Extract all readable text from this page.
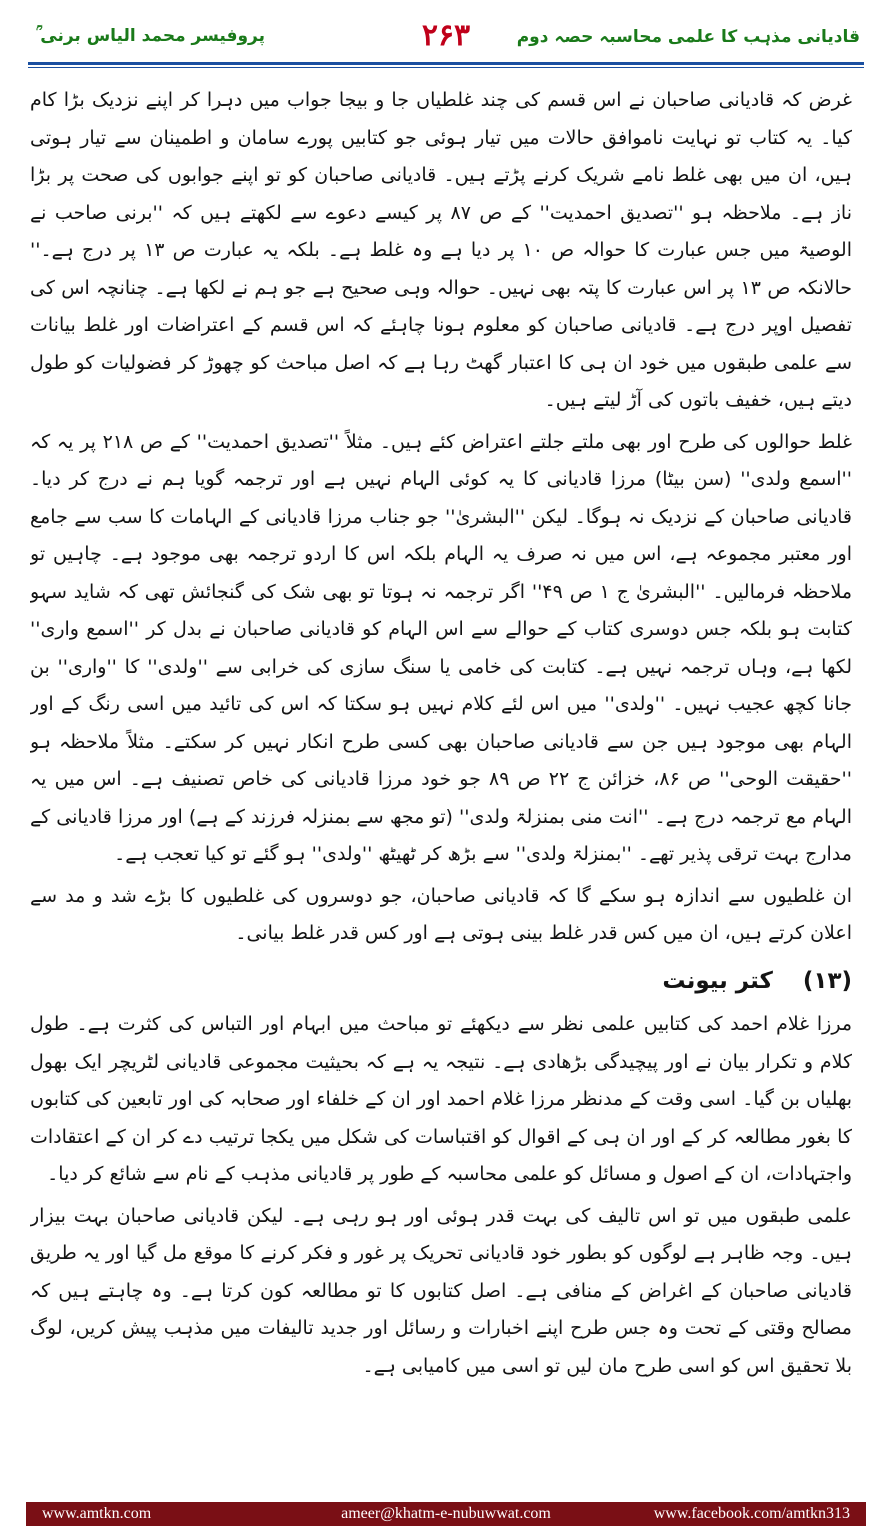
پروفیسر محمد الیاس برنی ؒ	۲۶۳	قادیانی مذہب کا علمی محاسبہ حصہ دوم

غرض کہ قادیانی صاحبان نے اس قسم کی چند غلطیاں جا و بیجا جواب میں دہرا کر اپنے نزدیک بڑا کام کیا۔ یہ کتاب تو نہایت ناموافق حالات میں تیار ہوئی جو کتابیں پورے سامان و اطمینان سے تیار ہوتی ہیں، ان میں بھی غلط نامے شریک کرنے پڑتے ہیں۔ قادیانی صاحبان کو تو اپنے جوابوں کی صحت پر بڑا ناز ہے۔ ملاحظہ ہو ''تصدیق احمدیت'' کے ص ۸۷ پر کیسے دعوے سے لکھتے ہیں کہ ''برنی صاحب نے الوصیۃ میں جس عبارت کا حوالہ ص ۱۰ پر دیا ہے وہ غلط ہے۔ بلکہ یہ عبارت ص ۱۳ پر درج ہے۔'' حالانکہ ص ۱۳ پر اس عبارت کا پتہ بھی نہیں۔ حوالہ وہی صحیح ہے جو ہم نے لکھا ہے۔ چنانچہ اس کی تفصیل اوپر درج ہے۔ قادیانی صاحبان کو معلوم ہونا چاہئے کہ اس قسم کے اعتراضات اور غلط بیانات سے علمی طبقوں میں خود ان ہی کا اعتبار گھٹ رہا ہے کہ اصل مباحث کو چھوڑ کر فضولیات کو طول دیتے ہیں، خفیف باتوں کی آڑ لیتے ہیں۔

غلط حوالوں کی طرح اور بھی ملتے جلتے اعتراض کئے ہیں۔ مثلاً ''تصدیق احمدیت'' کے ص ۲۱۸ پر یہ کہ ''اسمع ولدی'' (سن بیٹا) مرزا قادیانی کا یہ کوئی الہام نہیں ہے اور ترجمہ گویا ہم نے درج کر دیا۔ قادیانی صاحبان کے نزدیک نہ ہوگا۔ لیکن ''البشریٰ'' جو جناب مرزا قادیانی کے الہامات کا سب سے جامع اور معتبر مجموعہ ہے، اس میں نہ صرف یہ الہام بلکہ اس کا اردو ترجمہ بھی موجود ہے۔ چاہیں تو ملاحظہ فرمالیں۔ ''البشریٰ ج ۱ ص ۴۹'' اگر ترجمہ نہ ہوتا تو بھی شک کی گنجائش تھی کہ شاید سہو کتابت ہو بلکہ جس دوسری کتاب کے حوالے سے اس الہام کو قادیانی صاحبان نے بدل کر ''اسمع واری'' لکھا ہے، وہاں ترجمہ نہیں ہے۔ کتابت کی خامی یا سنگ سازی کی خرابی سے ''ولدی'' کا ''واری'' بن جانا کچھ عجیب نہیں۔ ''ولدی'' میں اس لئے کلام نہیں ہو سکتا کہ اس کی تائید میں اسی رنگ کے اور الہام بھی موجود ہیں جن سے قادیانی صاحبان بھی کسی طرح انکار نہیں کر سکتے۔ مثلاً ملاحظہ ہو ''حقیقت الوحی'' ص ۸۶، خزائن ج ۲۲ ص ۸۹ جو خود مرزا قادیانی کی خاص تصنیف ہے۔ اس میں یہ الہام مع ترجمہ درج ہے۔ ''انت منی بمنزلۃ ولدی'' (تو مجھ سے بمنزلہ فرزند کے ہے) اور مرزا قادیانی کے مدارج بہت ترقی پذیر تھے۔ ''بمنزلۃ ولدی'' سے بڑھ کر ٹھیٹھ ''ولدی'' ہو گئے تو کیا تعجب ہے۔

ان غلطیوں سے اندازہ ہو سکے گا کہ قادیانی صاحبان، جو دوسروں کی غلطیوں کا بڑے شد و مد سے اعلان کرتے ہیں، ان میں کس قدر غلط بینی ہوتی ہے اور کس قدر غلط بیانی۔

(۱۳) کتر بیونت

مرزا غلام احمد کی کتابیں علمی نظر سے دیکھئے تو مباحث میں ابہام اور التباس کی کثرت ہے۔ طول کلام و تکرار بیان نے اور پیچیدگی بڑھادی ہے۔ نتیجہ یہ ہے کہ بحیثیت مجموعی قادیانی لٹریچر ایک بھول بھلیاں بن گیا۔ اسی وقت کے مدنظر مرزا غلام احمد اور ان کے خلفاء اور صحابہ کی اور تابعین کی کتابوں کا بغور مطالعہ کر کے اور ان ہی کے اقوال کو اقتباسات کی شکل میں یکجا ترتیب دے کر ان کے اعتقادات واجتہادات، ان کے اصول و مسائل کو علمی محاسبہ کے طور پر قادیانی مذہب کے نام سے شائع کر دیا۔

علمی طبقوں میں تو اس تالیف کی بہت قدر ہوئی اور ہو رہی ہے۔ لیکن قادیانی صاحبان بہت بیزار ہیں۔ وجہ ظاہر ہے لوگوں کو بطور خود قادیانی تحریک پر غور و فکر کرنے کا موقع مل گیا اور یہ طریق قادیانی صاحبان کے اغراض کے منافی ہے۔ اصل کتابوں کا تو مطالعہ کون کرتا ہے۔ وہ چاہتے ہیں کہ مصالح وقتی کے تحت وہ جس طرح اپنے اخبارات و رسائل اور جدید تالیفات میں مذہب پیش کریں، لوگ بلا تحقیق اس کو اسی طرح مان لیں تو اسی میں کامیابی ہے۔

www.amtkn.com	ameer@khatm-e-nubuwwat.com	www.facebook.com/amtkn313
